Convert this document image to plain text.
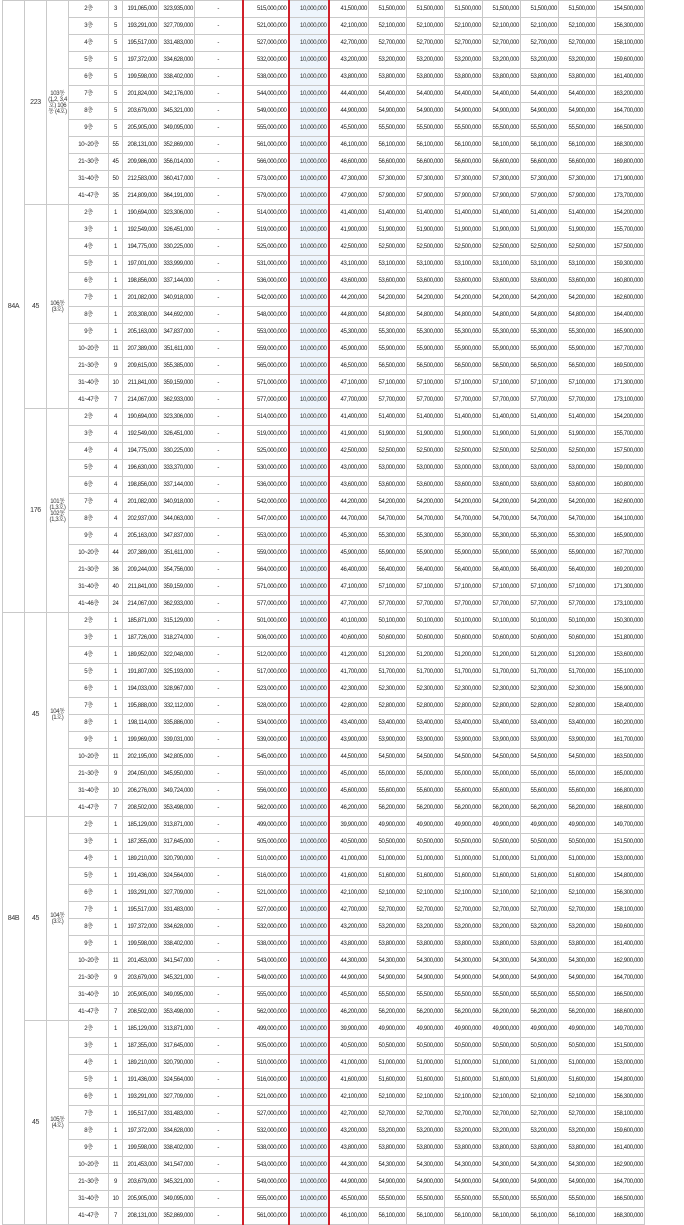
84A	223	103동 (1,2, 3,4호) 106동 (4호)	2층	3	191,065,000	323,935,000	-	515,000,000	10,000,000	41,500,000	51,500,000	51,500,000	51,500,000	51,500,000	51,500,000	51,500,000	154,500,000
			3층	5	193,291,000	327,709,000	-	521,000,000	10,000,000	42,100,000	52,100,000	52,100,000	52,100,000	52,100,000	52,100,000	52,100,000	156,300,000
			4층	5	195,517,000	331,483,000	-	527,000,000	10,000,000	42,700,000	52,700,000	52,700,000	52,700,000	52,700,000	52,700,000	52,700,000	158,100,000
			5층	5	197,372,000	334,628,000	-	532,000,000	10,000,000	43,200,000	53,200,000	53,200,000	53,200,000	53,200,000	53,200,000	53,200,000	159,600,000
			6층	5	199,598,000	338,402,000	-	538,000,000	10,000,000	43,800,000	53,800,000	53,800,000	53,800,000	53,800,000	53,800,000	53,800,000	161,400,000
			7층	5	201,824,000	342,176,000	-	544,000,000	10,000,000	44,400,000	54,400,000	54,400,000	54,400,000	54,400,000	54,400,000	54,400,000	163,200,000
			8층	5	203,679,000	345,321,000	-	549,000,000	10,000,000	44,900,000	54,900,000	54,900,000	54,900,000	54,900,000	54,900,000	54,900,000	164,700,000
			9층	5	205,905,000	349,095,000	-	555,000,000	10,000,000	45,500,000	55,500,000	55,500,000	55,500,000	55,500,000	55,500,000	55,500,000	166,500,000
			10~20층	55	208,131,000	352,869,000	-	561,000,000	10,000,000	46,100,000	56,100,000	56,100,000	56,100,000	56,100,000	56,100,000	56,100,000	168,300,000
			21~30층	45	209,986,000	356,014,000	-	566,000,000	10,000,000	46,600,000	56,600,000	56,600,000	56,600,000	56,600,000	56,600,000	56,600,000	169,800,000
			31~40층	50	212,583,000	360,417,000	-	573,000,000	10,000,000	47,300,000	57,300,000	57,300,000	57,300,000	57,300,000	57,300,000	57,300,000	171,900,000
			41~47층	35	214,809,000	364,191,000	-	579,000,000	10,000,000	47,900,000	57,900,000	57,900,000	57,900,000	57,900,000	57,900,000	57,900,000	173,700,000
	45	106동 (3호)	2층	1	190,694,000	323,306,000	-	514,000,000	10,000,000	41,400,000	51,400,000	51,400,000	51,400,000	51,400,000	51,400,000	51,400,000	154,200,000
			3층	1	192,549,000	326,451,000	-	519,000,000	10,000,000	41,900,000	51,900,000	51,900,000	51,900,000	51,900,000	51,900,000	51,900,000	155,700,000
			4층	1	194,775,000	330,225,000	-	525,000,000	10,000,000	42,500,000	52,500,000	52,500,000	52,500,000	52,500,000	52,500,000	52,500,000	157,500,000
			5층	1	197,001,000	333,999,000	-	531,000,000	10,000,000	43,100,000	53,100,000	53,100,000	53,100,000	53,100,000	53,100,000	53,100,000	159,300,000
			6층	1	198,856,000	337,144,000	-	536,000,000	10,000,000	43,600,000	53,600,000	53,600,000	53,600,000	53,600,000	53,600,000	53,600,000	160,800,000
			7층	1	201,082,000	340,918,000	-	542,000,000	10,000,000	44,200,000	54,200,000	54,200,000	54,200,000	54,200,000	54,200,000	54,200,000	162,600,000
			8층	1	203,308,000	344,692,000	-	548,000,000	10,000,000	44,800,000	54,800,000	54,800,000	54,800,000	54,800,000	54,800,000	54,800,000	164,400,000
			9층	1	205,163,000	347,837,000	-	553,000,000	10,000,000	45,300,000	55,300,000	55,300,000	55,300,000	55,300,000	55,300,000	55,300,000	165,900,000
			10~20층	11	207,389,000	351,611,000	-	559,000,000	10,000,000	45,900,000	55,900,000	55,900,000	55,900,000	55,900,000	55,900,000	55,900,000	167,700,000
			21~30층	9	209,615,000	355,385,000	-	565,000,000	10,000,000	46,500,000	56,500,000	56,500,000	56,500,000	56,500,000	56,500,000	56,500,000	169,500,000
			31~40층	10	211,841,000	359,159,000	-	571,000,000	10,000,000	47,100,000	57,100,000	57,100,000	57,100,000	57,100,000	57,100,000	57,100,000	171,300,000
			41~47층	7	214,067,000	362,933,000	-	577,000,000	10,000,000	47,700,000	57,700,000	57,700,000	57,700,000	57,700,000	57,700,000	57,700,000	173,100,000
	176	101동 (1,3호) 102동 (1,3호)	2층	4	190,694,000	323,306,000	-	514,000,000	10,000,000	41,400,000	51,400,000	51,400,000	51,400,000	51,400,000	51,400,000	51,400,000	154,200,000
			3층	4	192,549,000	326,451,000	-	519,000,000	10,000,000	41,900,000	51,900,000	51,900,000	51,900,000	51,900,000	51,900,000	51,900,000	155,700,000
			4층	4	194,775,000	330,225,000	-	525,000,000	10,000,000	42,500,000	52,500,000	52,500,000	52,500,000	52,500,000	52,500,000	52,500,000	157,500,000
			5층	4	196,630,000	333,370,000	-	530,000,000	10,000,000	43,000,000	53,000,000	53,000,000	53,000,000	53,000,000	53,000,000	53,000,000	159,000,000
			6층	4	198,856,000	337,144,000	-	536,000,000	10,000,000	43,600,000	53,600,000	53,600,000	53,600,000	53,600,000	53,600,000	53,600,000	160,800,000
			7층	4	201,082,000	340,918,000	-	542,000,000	10,000,000	44,200,000	54,200,000	54,200,000	54,200,000	54,200,000	54,200,000	54,200,000	162,600,000
			8층	4	202,937,000	344,063,000	-	547,000,000	10,000,000	44,700,000	54,700,000	54,700,000	54,700,000	54,700,000	54,700,000	54,700,000	164,100,000
			9층	4	205,163,000	347,837,000	-	553,000,000	10,000,000	45,300,000	55,300,000	55,300,000	55,300,000	55,300,000	55,300,000	55,300,000	165,900,000
			10~20층	44	207,389,000	351,611,000	-	559,000,000	10,000,000	45,900,000	55,900,000	55,900,000	55,900,000	55,900,000	55,900,000	55,900,000	167,700,000
			21~30층	36	209,244,000	354,756,000	-	564,000,000	10,000,000	46,400,000	56,400,000	56,400,000	56,400,000	56,400,000	56,400,000	56,400,000	169,200,000
			31~40층	40	211,841,000	359,159,000	-	571,000,000	10,000,000	47,100,000	57,100,000	57,100,000	57,100,000	57,100,000	57,100,000	57,100,000	171,300,000
			41~46층	24	214,067,000	362,933,000	-	577,000,000	10,000,000	47,700,000	57,700,000	57,700,000	57,700,000	57,700,000	57,700,000	57,700,000	173,100,000
84B	45	104동 (1호)	2층	1	185,871,000	315,129,000	-	501,000,000	10,000,000	40,100,000	50,100,000	50,100,000	50,100,000	50,100,000	50,100,000	50,100,000	150,300,000
			3층	1	187,726,000	318,274,000	-	506,000,000	10,000,000	40,600,000	50,600,000	50,600,000	50,600,000	50,600,000	50,600,000	50,600,000	151,800,000
			4층	1	189,952,000	322,048,000	-	512,000,000	10,000,000	41,200,000	51,200,000	51,200,000	51,200,000	51,200,000	51,200,000	51,200,000	153,600,000
			5층	1	191,807,000	325,193,000	-	517,000,000	10,000,000	41,700,000	51,700,000	51,700,000	51,700,000	51,700,000	51,700,000	51,700,000	155,100,000
			6층	1	194,033,000	328,967,000	-	523,000,000	10,000,000	42,300,000	52,300,000	52,300,000	52,300,000	52,300,000	52,300,000	52,300,000	156,900,000
			7층	1	195,888,000	332,112,000	-	528,000,000	10,000,000	42,800,000	52,800,000	52,800,000	52,800,000	52,800,000	52,800,000	52,800,000	158,400,000
			8층	1	198,114,000	335,886,000	-	534,000,000	10,000,000	43,400,000	53,400,000	53,400,000	53,400,000	53,400,000	53,400,000	53,400,000	160,200,000
			9층	1	199,969,000	339,031,000	-	539,000,000	10,000,000	43,900,000	53,900,000	53,900,000	53,900,000	53,900,000	53,900,000	53,900,000	161,700,000
			10~20층	11	202,195,000	342,805,000	-	545,000,000	10,000,000	44,500,000	54,500,000	54,500,000	54,500,000	54,500,000	54,500,000	54,500,000	163,500,000
			21~30층	9	204,050,000	345,950,000	-	550,000,000	10,000,000	45,000,000	55,000,000	55,000,000	55,000,000	55,000,000	55,000,000	55,000,000	165,000,000
			31~40층	10	206,276,000	349,724,000	-	556,000,000	10,000,000	45,600,000	55,600,000	55,600,000	55,600,000	55,600,000	55,600,000	55,600,000	166,800,000
			41~47층	7	208,502,000	353,498,000	-	562,000,000	10,000,000	46,200,000	56,200,000	56,200,000	56,200,000	56,200,000	56,200,000	56,200,000	168,600,000
	45	104동 (3호)	2층	1	185,129,000	313,871,000	-	499,000,000	10,000,000	39,900,000	49,900,000	49,900,000	49,900,000	49,900,000	49,900,000	49,900,000	149,700,000
			3층	1	187,355,000	317,645,000	-	505,000,000	10,000,000	40,500,000	50,500,000	50,500,000	50,500,000	50,500,000	50,500,000	50,500,000	151,500,000
			4층	1	189,210,000	320,790,000	-	510,000,000	10,000,000	41,000,000	51,000,000	51,000,000	51,000,000	51,000,000	51,000,000	51,000,000	153,000,000
			5층	1	191,436,000	324,564,000	-	516,000,000	10,000,000	41,600,000	51,600,000	51,600,000	51,600,000	51,600,000	51,600,000	51,600,000	154,800,000
			6층	1	193,291,000	327,709,000	-	521,000,000	10,000,000	42,100,000	52,100,000	52,100,000	52,100,000	52,100,000	52,100,000	52,100,000	156,300,000
			7층	1	195,517,000	331,483,000	-	527,000,000	10,000,000	42,700,000	52,700,000	52,700,000	52,700,000	52,700,000	52,700,000	52,700,000	158,100,000
			8층	1	197,372,000	334,628,000	-	532,000,000	10,000,000	43,200,000	53,200,000	53,200,000	53,200,000	53,200,000	53,200,000	53,200,000	159,600,000
			9층	1	199,598,000	338,402,000	-	538,000,000	10,000,000	43,800,000	53,800,000	53,800,000	53,800,000	53,800,000	53,800,000	53,800,000	161,400,000
			10~20층	11	201,453,000	341,547,000	-	543,000,000	10,000,000	44,300,000	54,300,000	54,300,000	54,300,000	54,300,000	54,300,000	54,300,000	162,900,000
			21~30층	9	203,679,000	345,321,000	-	549,000,000	10,000,000	44,900,000	54,900,000	54,900,000	54,900,000	54,900,000	54,900,000	54,900,000	164,700,000
			31~40층	10	205,905,000	349,095,000	-	555,000,000	10,000,000	45,500,000	55,500,000	55,500,000	55,500,000	55,500,000	55,500,000	55,500,000	166,500,000
			41~47층	7	208,502,000	353,498,000	-	562,000,000	10,000,000	46,200,000	56,200,000	56,200,000	56,200,000	56,200,000	56,200,000	56,200,000	168,600,000
	45	105동 (4호)	2층	1	185,129,000	313,871,000	-	499,000,000	10,000,000	39,900,000	49,900,000	49,900,000	49,900,000	49,900,000	49,900,000	49,900,000	149,700,000
			3층	1	187,355,000	317,645,000	-	505,000,000	10,000,000	40,500,000	50,500,000	50,500,000	50,500,000	50,500,000	50,500,000	50,500,000	151,500,000
			4층	1	189,210,000	320,790,000	-	510,000,000	10,000,000	41,000,000	51,000,000	51,000,000	51,000,000	51,000,000	51,000,000	51,000,000	153,000,000
			5층	1	191,436,000	324,564,000	-	516,000,000	10,000,000	41,600,000	51,600,000	51,600,000	51,600,000	51,600,000	51,600,000	51,600,000	154,800,000
			6층	1	193,291,000	327,709,000	-	521,000,000	10,000,000	42,100,000	52,100,000	52,100,000	52,100,000	52,100,000	52,100,000	52,100,000	156,300,000
			7층	1	195,517,000	331,483,000	-	527,000,000	10,000,000	42,700,000	52,700,000	52,700,000	52,700,000	52,700,000	52,700,000	52,700,000	158,100,000
			8층	1	197,372,000	334,628,000	-	532,000,000	10,000,000	43,200,000	53,200,000	53,200,000	53,200,000	53,200,000	53,200,000	53,200,000	159,600,000
			9층	1	199,598,000	338,402,000	-	538,000,000	10,000,000	43,800,000	53,800,000	53,800,000	53,800,000	53,800,000	53,800,000	53,800,000	161,400,000
			10~20층	11	201,453,000	341,547,000	-	543,000,000	10,000,000	44,300,000	54,300,000	54,300,000	54,300,000	54,300,000	54,300,000	54,300,000	162,900,000
			21~30층	9	203,679,000	345,321,000	-	549,000,000	10,000,000	44,900,000	54,900,000	54,900,000	54,900,000	54,900,000	54,900,000	54,900,000	164,700,000
			31~40층	10	205,905,000	349,095,000	-	555,000,000	10,000,000	45,500,000	55,500,000	55,500,000	55,500,000	55,500,000	55,500,000	55,500,000	166,500,000
			41~47층	7	208,131,000	352,869,000	-	561,000,000	10,000,000	46,100,000	56,100,000	56,100,000	56,100,000	56,100,000	56,100,000	56,100,000	168,300,000
